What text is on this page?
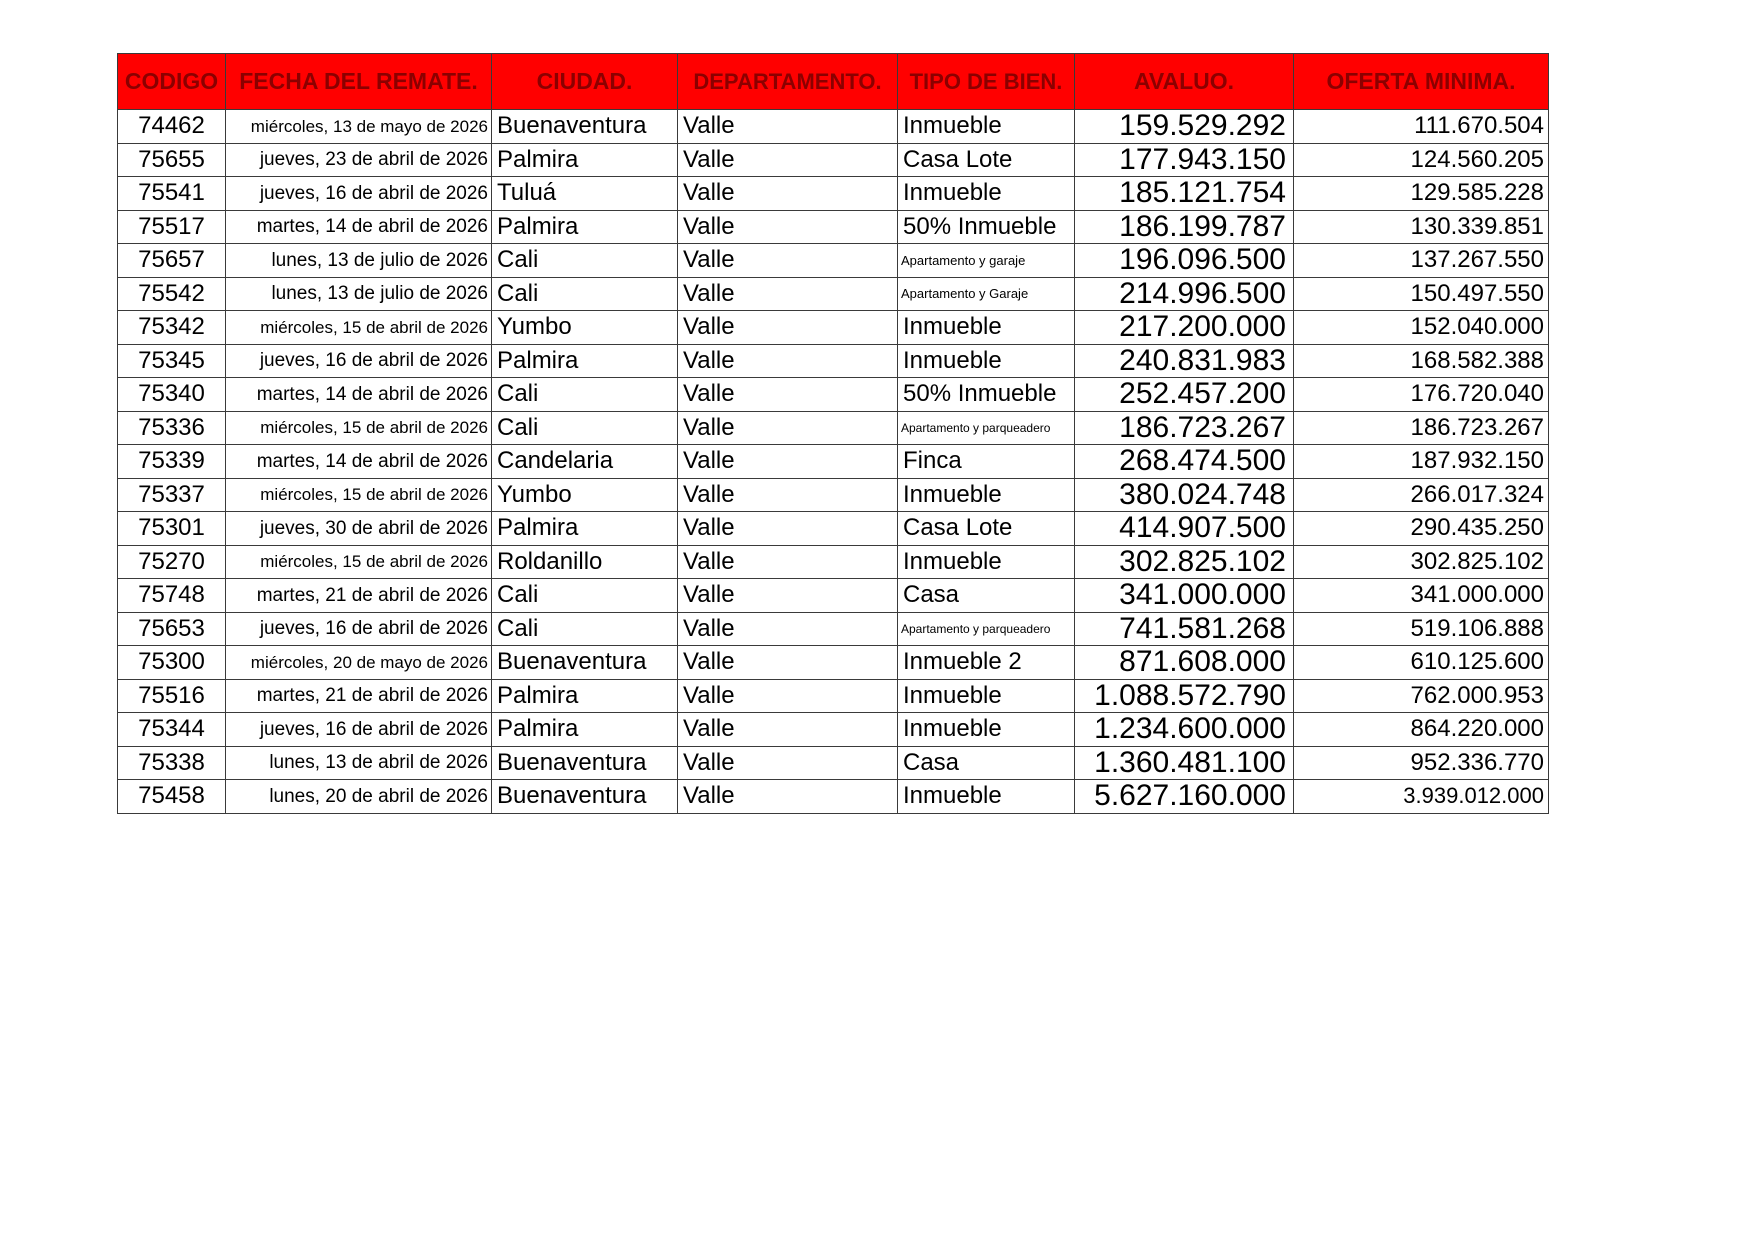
CODIGO	FECHA DEL REMATE.	CIUDAD.	DEPARTAMENTO.	TIPO DE BIEN.	AVALUO.	OFERTA MINIMA.
74462	miércoles, 13 de mayo de 2026	Buenaventura	Valle	Inmueble	159.529.292	111.670.504
75655	jueves, 23 de abril de 2026	Palmira	Valle	Casa Lote	177.943.150	124.560.205
75541	jueves, 16 de abril de 2026	Tuluá	Valle	Inmueble	185.121.754	129.585.228
75517	martes, 14 de abril de 2026	Palmira	Valle	50% Inmueble	186.199.787	130.339.851
75657	lunes, 13 de julio de 2026	Cali	Valle	Apartamento y garaje	196.096.500	137.267.550
75542	lunes, 13 de julio de 2026	Cali	Valle	Apartamento y Garaje	214.996.500	150.497.550
75342	miércoles, 15 de abril de 2026	Yumbo	Valle	Inmueble	217.200.000	152.040.000
75345	jueves, 16 de abril de 2026	Palmira	Valle	Inmueble	240.831.983	168.582.388
75340	martes, 14 de abril de 2026	Cali	Valle	50% Inmueble	252.457.200	176.720.040
75336	miércoles, 15 de abril de 2026	Cali	Valle	Apartamento y parqueadero	186.723.267	186.723.267
75339	martes, 14 de abril de 2026	Candelaria	Valle	Finca	268.474.500	187.932.150
75337	miércoles, 15 de abril de 2026	Yumbo	Valle	Inmueble	380.024.748	266.017.324
75301	jueves, 30 de abril de 2026	Palmira	Valle	Casa Lote	414.907.500	290.435.250
75270	miércoles, 15 de abril de 2026	Roldanillo	Valle	Inmueble	302.825.102	302.825.102
75748	martes, 21 de abril de 2026	Cali	Valle	Casa	341.000.000	341.000.000
75653	jueves, 16 de abril de 2026	Cali	Valle	Apartamento y parqueadero	741.581.268	519.106.888
75300	miércoles, 20 de mayo de 2026	Buenaventura	Valle	Inmueble 2	871.608.000	610.125.600
75516	martes, 21 de abril de 2026	Palmira	Valle	Inmueble	1.088.572.790	762.000.953
75344	jueves, 16 de abril de 2026	Palmira	Valle	Inmueble	1.234.600.000	864.220.000
75338	lunes, 13 de abril de 2026	Buenaventura	Valle	Casa	1.360.481.100	952.336.770
75458	lunes, 20 de abril de 2026	Buenaventura	Valle	Inmueble	5.627.160.000	3.939.012.000
